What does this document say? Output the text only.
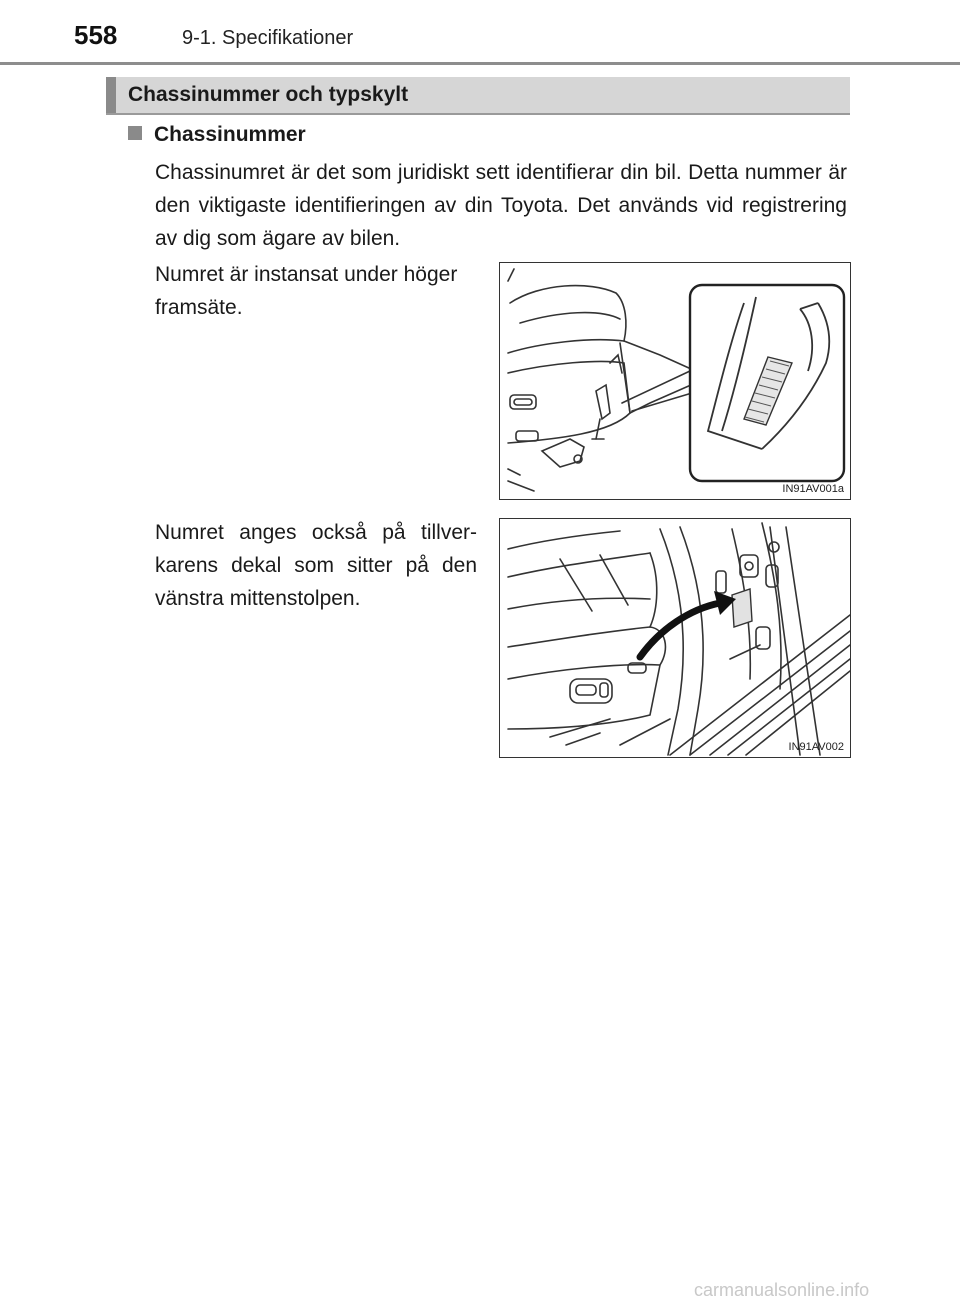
558	9-1. Specifikationer
Chassinummer och typskylt
Chassinummer
Chassinumret är det som juridiskt sett identifierar din bil. Detta nummer är den viktigaste identifieringen av din Toyota. Det används vid registrering av dig som ägare av bilen.
Numret är instansat under höger framsäte.
Numret anges också på tillver-karens dekal som sitter på den vänstra mittenstolpen.
IN91AV001a
IN91AV002
carmanualsonline.info
